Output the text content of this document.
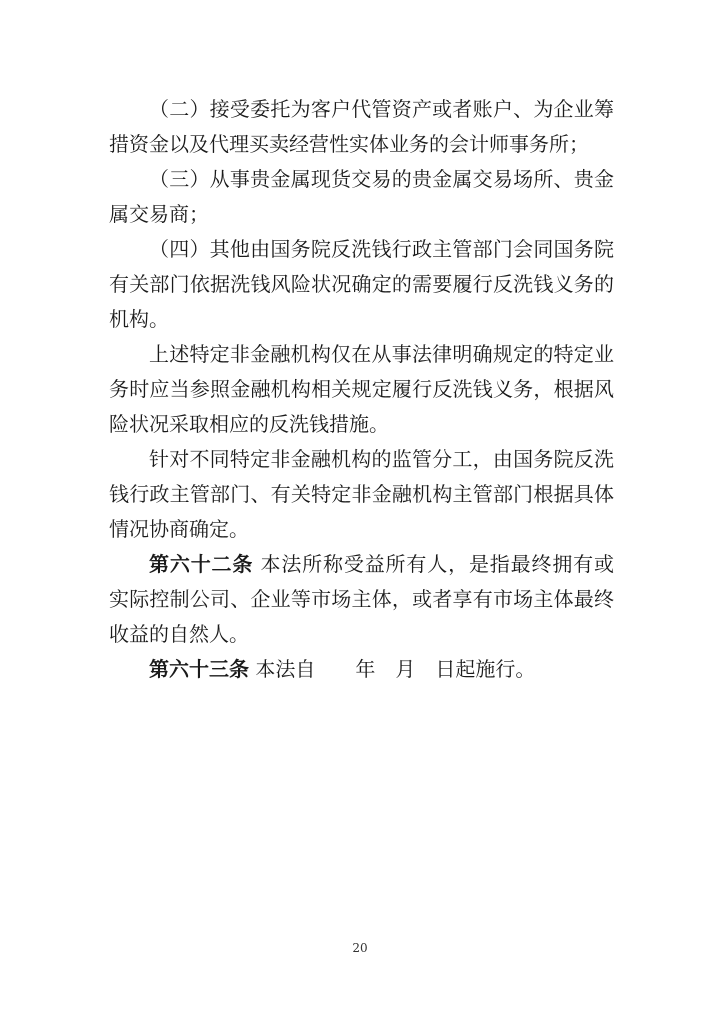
（二）接受委托为客户代管资产或者账户、为企业筹措资金以及代理买卖经营性实体业务的会计师事务所；

（三）从事贵金属现货交易的贵金属交易场所、贵金属交易商；

（四）其他由国务院反洗钱行政主管部门会同国务院有关部门依据洗钱风险状况确定的需要履行反洗钱义务的机构。

上述特定非金融机构仅在从事法律明确规定的特定业务时应当参照金融机构相关规定履行反洗钱义务，根据风险状况采取相应的反洗钱措施。

针对不同特定非金融机构的监管分工，由国务院反洗钱行政主管部门、有关特定非金融机构主管部门根据具体情况协商确定。

第六十二条 本法所称受益所有人，是指最终拥有或实际控制公司、企业等市场主体，或者享有市场主体最终收益的自然人。

第六十三条 本法自　　年　月　日起施行。

20
